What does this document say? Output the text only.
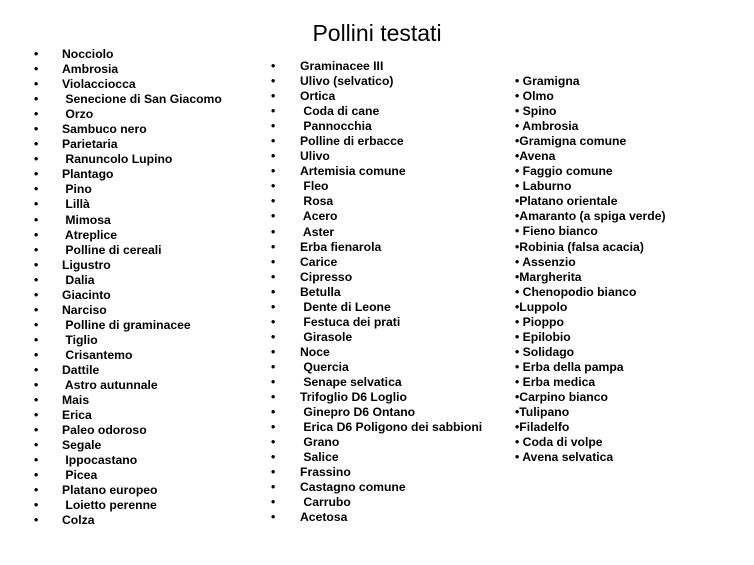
Pollini testati
• Nocciolo
• Ambrosia
• Violacciocca
• Senecione di San Giacomo
• Orzo
• Sambuco nero
• Parietaria
• Ranuncolo Lupino
• Plantago
• Pino
• Lillà
• Mimosa
• Atreplice
• Polline di cereali
• Ligustro
• Dalia
• Giacinto
• Narciso
• Polline di graminacee
• Tiglio
• Crisantemo
• Dattile
• Astro autunnale
• Mais
• Erica
• Paleo odoroso
• Segale
• Ippocastano
• Picea
• Platano europeo
• Loietto perenne
• Colza
• Graminacee III
• Ulivo (selvatico)
• Ortica
• Coda di cane
• Pannocchia
• Polline di erbacce
• Ulivo
• Artemisia comune
• Fleo
• Rosa
• Acero
• Aster
• Erba fienarola
• Carice
• Cipresso
• Betulla
• Dente di Leone
• Festuca dei prati
• Girasole
• Noce
• Quercia
• Senape selvatica
• Trifoglio D6 Loglio
• Ginepro D6 Ontano
• Erica D6 Poligono dei sabbioni
• Grano
• Salice
• Frassino
• Castagno comune
• Carrubo
• Acetosa
• Gramigna
• Olmo
• Spino
• Ambrosia
•Gramigna comune
•Avena
• Faggio comune
• Laburno
•Platano orientale
•Amaranto (a spiga verde)
• Fieno bianco
•Robinia (falsa acacia)
• Assenzio
•Margherita
• Chenopodio bianco
•Luppolo
• Pioppo
• Epilobio
• Solidago
• Erba della pampa
• Erba medica
•Carpino bianco
•Tulipano
•Filadelfo
• Coda di volpe
• Avena selvatica
